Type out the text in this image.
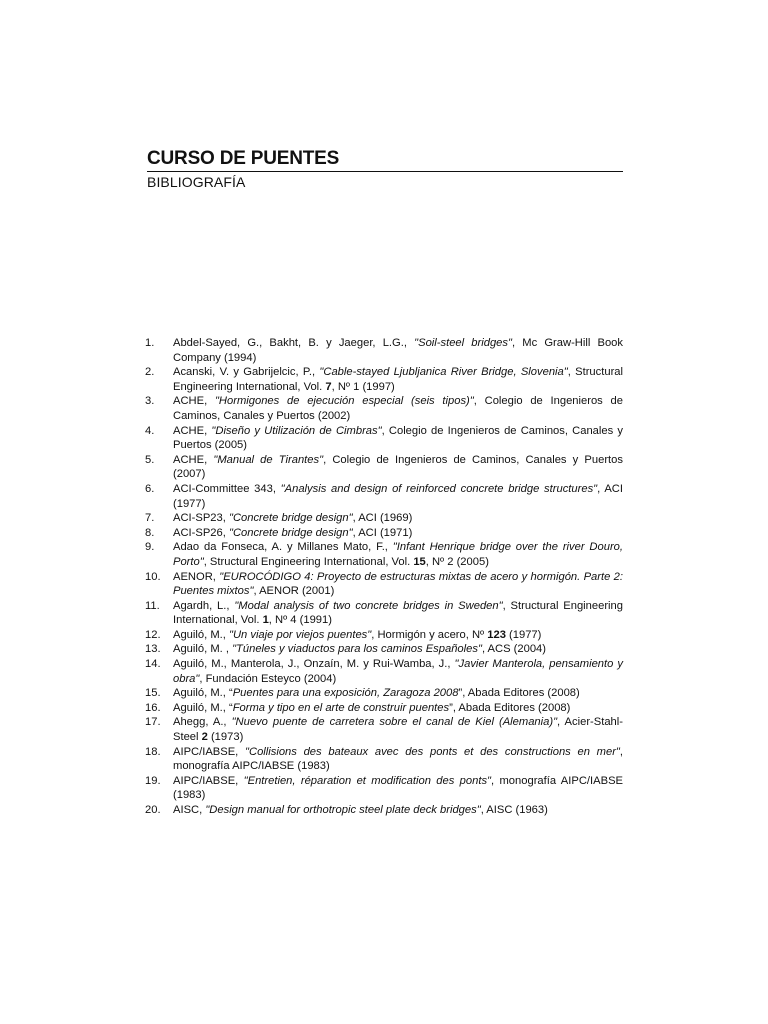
CURSO DE PUENTES
BIBLIOGRAFÍA
1.	Abdel-Sayed, G., Bakht, B. y Jaeger, L.G., "Soil-steel bridges", Mc Graw-Hill Book Company (1994)
2.	Acanski, V. y Gabrijelcic, P., "Cable-stayed Ljubljanica River Bridge, Slovenia", Structural Engineering International, Vol. 7, Nº 1 (1997)
3.	ACHE, "Hormigones de ejecución especial (seis tipos)", Colegio de Ingenieros de Caminos, Canales y Puertos (2002)
4.	ACHE, "Diseño y Utilización de Cimbras", Colegio de Ingenieros de Caminos, Canales y Puertos (2005)
5.	ACHE, "Manual de Tirantes", Colegio de Ingenieros de Caminos, Canales y Puertos (2007)
6.	ACI-Committee 343, "Analysis and design of reinforced concrete bridge structures", ACI (1977)
7.	ACI-SP23, "Concrete bridge design", ACI (1969)
8.	ACI-SP26, "Concrete bridge design", ACI (1971)
9.	Adao da Fonseca, A. y Millanes Mato, F., "Infant Henrique bridge over the river Douro, Porto", Structural Engineering International, Vol. 15, Nº 2 (2005)
10.	AENOR, "EUROCÓDIGO 4: Proyecto de estructuras mixtas de acero y hormigón. Parte 2: Puentes mixtos", AENOR (2001)
11.	Agardh, L., "Modal analysis of two concrete bridges in Sweden", Structural Engineering International, Vol. 1, Nº 4 (1991)
12.	Aguiló, M., "Un viaje por viejos puentes", Hormigón y acero, Nº 123 (1977)
13.	Aguiló, M. , "Túneles y viaductos para los caminos Españoles", ACS (2004)
14.	Aguiló, M., Manterola, J., Onzaín, M. y Rui-Wamba, J., "Javier Manterola, pensamiento y obra", Fundación Esteyco (2004)
15.	Aguiló, M., “Puentes para una exposición, Zaragoza 2008”, Abada Editores (2008)
16.	Aguiló, M., “Forma y tipo en el arte de construir puentes”, Abada Editores (2008)
17.	Ahegg, A., "Nuevo puente de carretera sobre el canal de Kiel (Alemania)", Acier-Stahl-Steel 2 (1973)
18.	AIPC/IABSE, "Collisions des bateaux avec des ponts et des constructions en mer", monografía AIPC/IABSE (1983)
19.	AIPC/IABSE, "Entretien, réparation et modification des ponts", monografía AIPC/IABSE (1983)
20.	AISC, "Design manual for orthotropic steel plate deck bridges", AISC (1963)
